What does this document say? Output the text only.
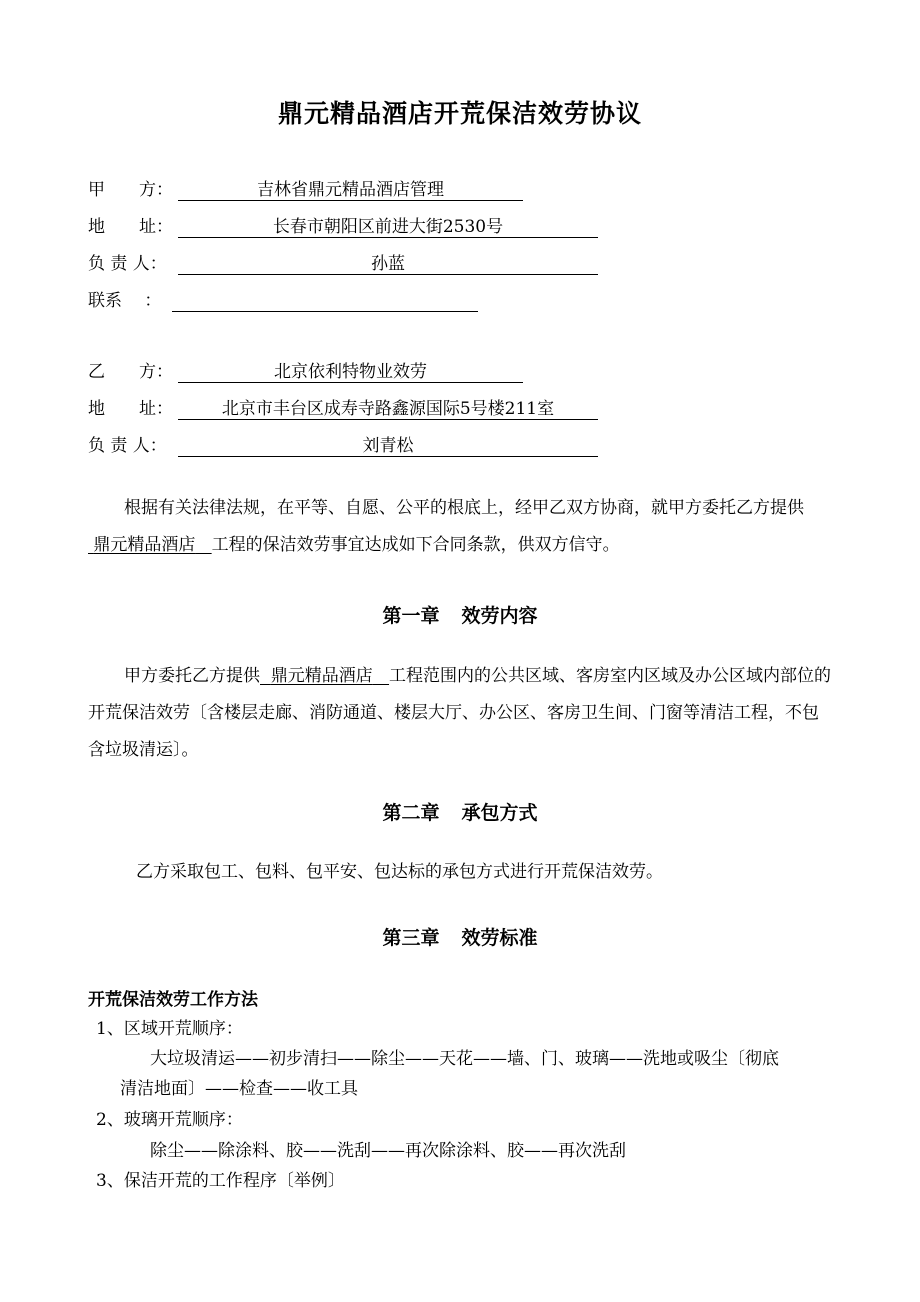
鼎元精品酒店开荒保洁效劳协议
甲　　方：	吉林省鼎元精品酒店管理
地　　址：	长春市朝阳区前进大街2530号
负 责 人：	孙蓝
联系　 ：
乙　　方：	北京依利特物业效劳
地　　址：	北京市丰台区成寿寺路鑫源国际5号楼211室
负 责 人：	刘青松

根据有关法律法规，在平等、自愿、公平的根底上，经甲乙双方协商，就甲方委托乙方提供 鼎元精品酒店 工程的保洁效劳事宜达成如下合同条款，供双方信守。

第一章 效劳内容

甲方委托乙方提供 鼎元精品酒店 工程范围内的公共区域、客房室内区域及办公区域内部位的开荒保洁效劳〔含楼层走廊、消防通道、楼层大厅、办公区、客房卫生间、门窗等清洁工程，不包含垃圾清运〕。

第二章 承包方式

乙方采取包工、包料、包平安、包达标的承包方式进行开荒保洁效劳。

第三章 效劳标准
开荒保洁效劳工作方法
1、区域开荒顺序：
大垃圾清运——初步清扫——除尘——天花——墙、门、玻璃——洗地或吸尘〔彻底
清洁地面〕——检查——收工具
2、玻璃开荒顺序：
除尘——除涂料、胶——洗刮——再次除涂料、胶——再次洗刮
3、保洁开荒的工作程序〔举例〕
